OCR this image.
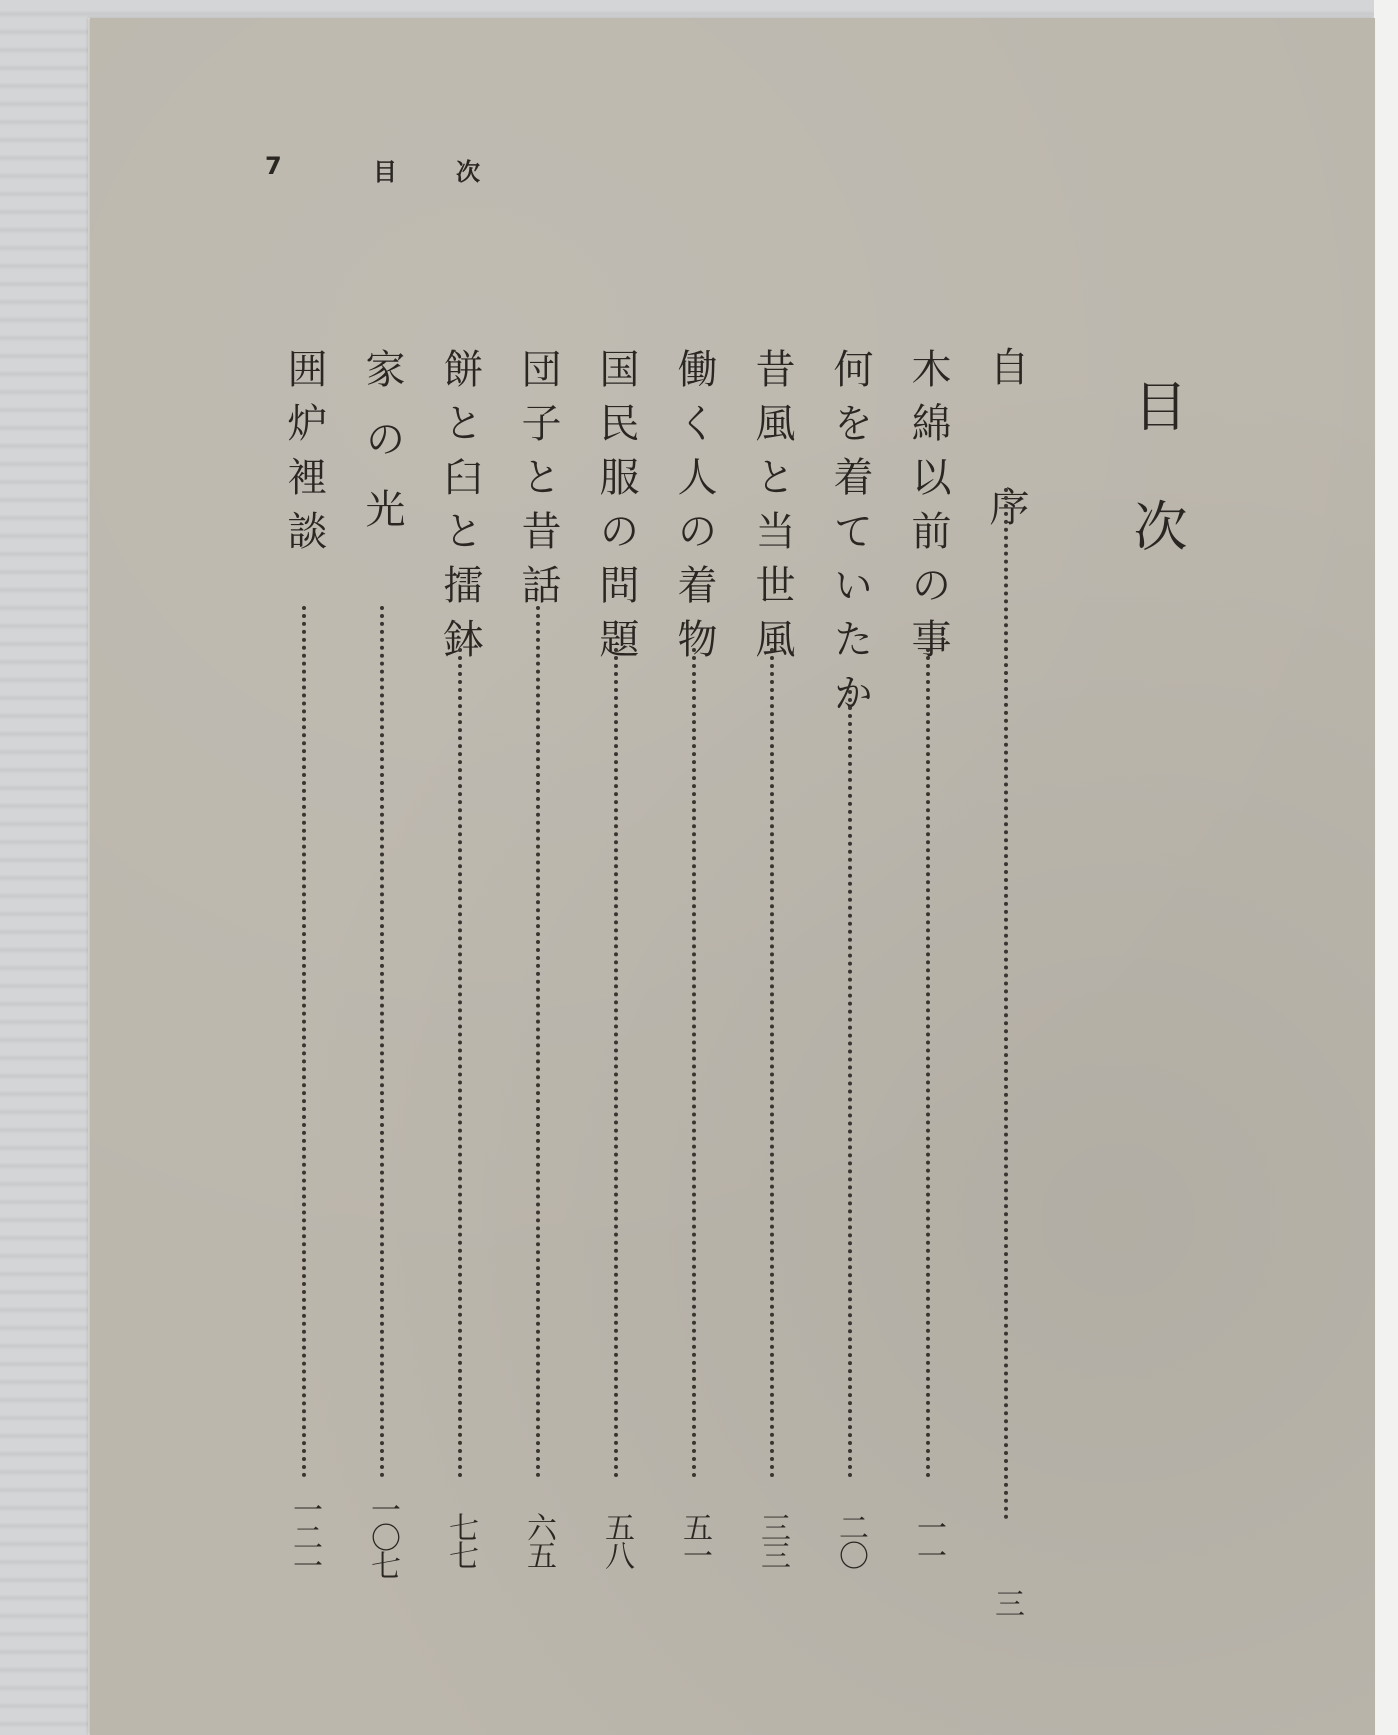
7	目 次
目次
自序
三
木綿以前の事
一一
何を着ていたか
二〇
昔風と当世風
三三
働く人の着物
五一
国民服の問題
五八
団子と昔話
六五
餅と臼と擂鉢
七七
家の光
一〇七
囲炉裡談
一二一
